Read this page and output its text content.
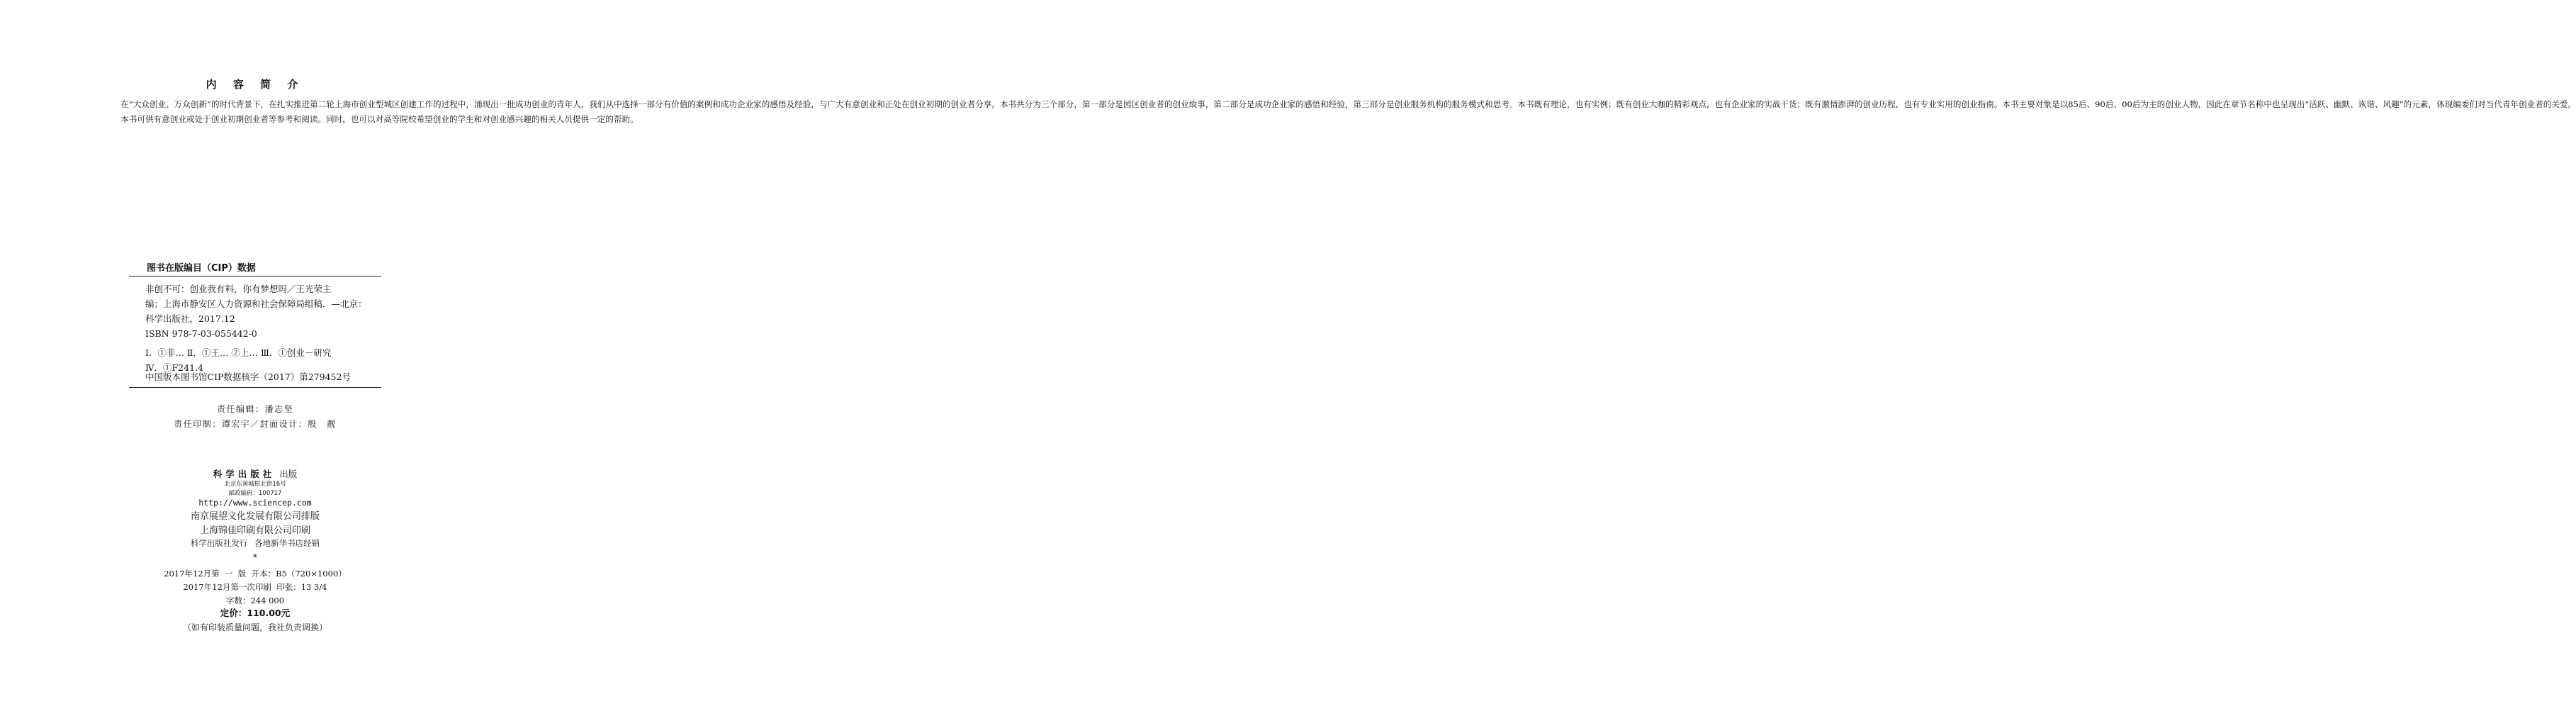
内 容 简 介

在“大众创业、万众创新”的时代背景下，在扎实推进第二轮上海市创业型城区创建工作的过程中，涌现出一批成功创业的青年人，我们从中选择一部分有价值的案例和成功企业家的感悟及经验，与广大有意创业和正处在创业初期的创业者分享。本书共分为三个部分，第一部分是园区创业者的创业故事，第二部分是成功企业家的感悟和经验，第三部分是创业服务机构的服务模式和思考。本书既有理论，也有实例；既有创业大咖的精彩观点，也有企业家的实战干货；既有激情澎湃的创业历程，也有专业实用的创业指南。本书主要对象是以85后、90后、00后为主的创业人物，因此在章节名称中也呈现出“活跃、幽默、诙谐、风趣”的元素，体现编委们对当代青年创业者的关爱。

本书可供有意创业或处于创业初期创业者等参考和阅读。同时，也可以对高等院校希望创业的学生和对创业感兴趣的相关人员提供一定的帮助。

图书在版编目（CIP）数据
非创不可：创业我有料，你有梦想吗／王光荣主
编；上海市静安区人力资源和社会保障局组稿．—北京：
科学出版社，2017.12
ISBN 978-7-03-055442-0
Ⅰ．①非… Ⅱ．①王… ②上… Ⅲ．①创业－研究
Ⅳ．①F241.4
中国版本图书馆CIP数据核字（2017）第279452号
责任编辑：潘志坚
责任印制：谭宏宇／封面设计：殷　靓
科学出版社 出版
北京东黄城根北街16号
邮政编码：100717
http://www.sciencep.com
南京展望文化发展有限公司排版
上海锦佳印刷有限公司印刷
科学出版社发行 各地新华书店经销
*
2017年12月第  一  版  开本：B5（720×1000）
2017年12月第一次印刷  印张：13 3/4
字数：244 000
定价：110.00元
（如有印装质量问题，我社负责调换）
